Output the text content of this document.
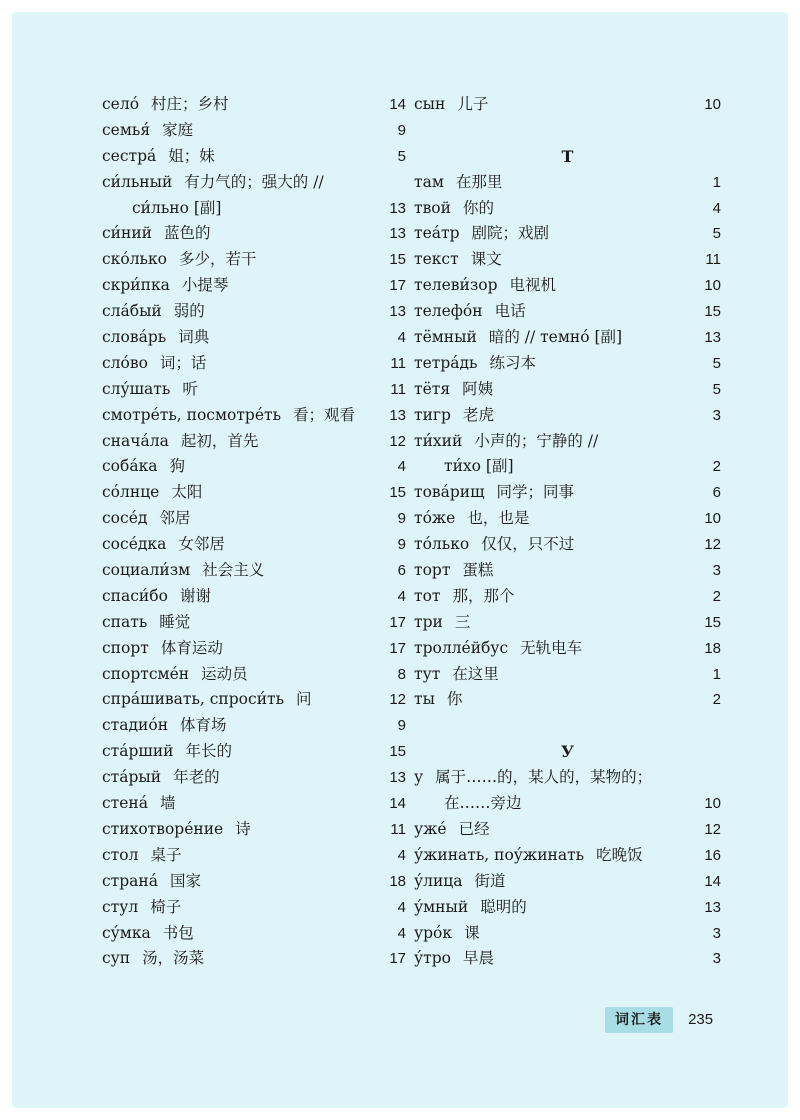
село́ 村庄；乡村	14
семья́ 家庭	9
сестра́ 姐；妹	5
си́льный 有力气的；强大的 //
си́льно [副]	13
си́ний 蓝色的	13
ско́лько 多少，若干	15
скри́пка 小提琴	17
сла́бый 弱的	13
слова́рь 词典	4
сло́во 词；话	11
слу́шать 听	11
смотре́ть, посмотре́ть 看；观看 13
снача́ла 起初，首先	12
соба́ка 狗	4
со́лнце 太阳	15
сосе́д 邻居	9
сосе́дка 女邻居	9
социали́зм 社会主义	6
спаси́бо 谢谢	4
спать 睡觉	17
спорт 体育运动	17
спортсме́н 运动员	8
спра́шивать, спроси́ть 问	12
стадио́н 体育场	9
ста́рший 年长的	15
ста́рый 年老的	13
стена́ 墙	14
стихотворе́ние 诗	11
стол 桌子	4
страна́ 国家	18
стул 椅子	4
су́мка 书包	4
суп 汤，汤菜	17
сын 儿子	10
Т
там 在那里	1
твой 你的	4
теа́тр 剧院；戏剧	5
текст 课文	11
телеви́зор 电视机	10
телефо́н 电话	15
тёмный 暗的 // темно́ [副]	13
тетра́дь 练习本	5
тётя 阿姨	5
тигр 老虎	3
ти́хий 小声的；宁静的 //
ти́хо [副]	2
това́рищ 同学；同事	6
то́же 也，也是	10
то́лько 仅仅，只不过	12
торт 蛋糕	3
тот 那，那个	2
три 三	15
тролле́йбус 无轨电车	18
тут 在这里	1
ты 你	2
У
у 属于……的，某人的，某物的；
在……旁边	10
уже́ 已经	12
у́жинать, поу́жинать 吃晚饭	16
у́лица 街道	14
у́мный 聪明的	13
уро́к 课	3
у́тро 早晨	3
词汇表 235
